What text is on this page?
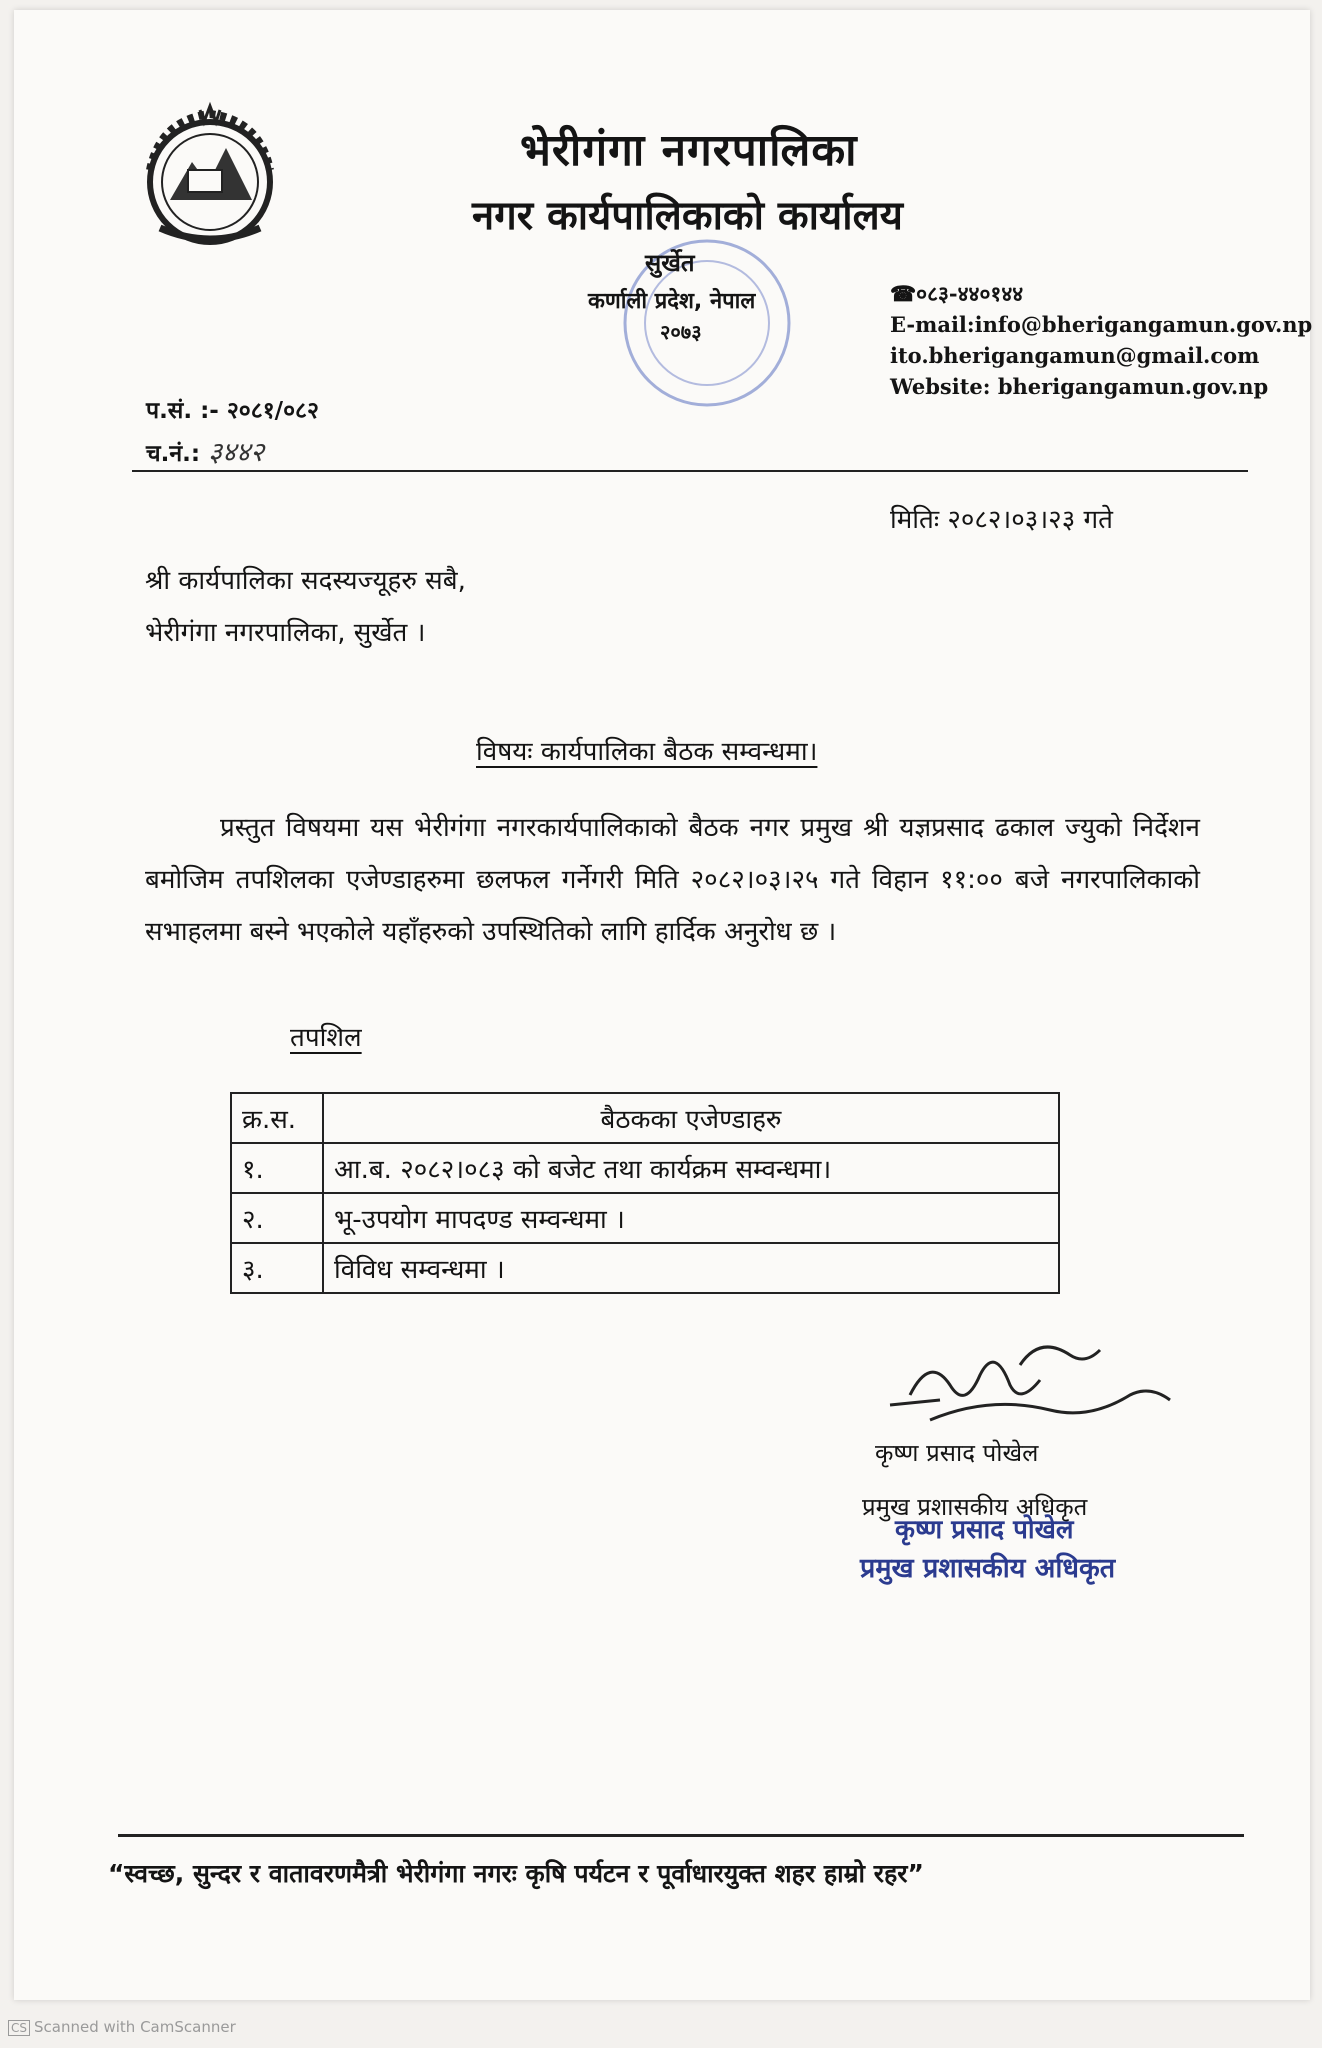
भेरीगंगा नगरपालिका
नगर कार्यपालिकाको कार्यालय
सुर्खेत
कर्णाली प्रदेश, नेपाल
२०७३
☎०८३-४४०१४४
E-mail:info@bherigangamun.gov.np
ito.bherigangamun@gmail.com
Website: bherigangamun.gov.np
प.सं. :- २०८१/०८२
च.नं.: ३४४२
मितिः २०८२।०३।२३ गते
श्री कार्यपालिका सदस्यज्यूहरु सबै,
भेरीगंगा नगरपालिका, सुर्खेत ।
विषयः कार्यपालिका बैठक सम्वन्धमा।
प्रस्तुत विषयमा यस भेरीगंगा नगरकार्यपालिकाको बैठक नगर प्रमुख श्री यज्ञप्रसाद ढकाल ज्युको निर्देशन बमोजिम तपशिलका एजेण्डाहरुमा छलफल गर्नेगरी मिति २०८२।०३।२५ गते विहान ११:०० बजे नगरपालिकाको सभाहलमा बस्ने भएकोले यहाँहरुको उपस्थितिको लागि हार्दिक अनुरोध छ ।
तपशिल
क्र.स.	बैठकका एजेण्डाहरु
१.	आ.ब. २०८२।०८३ को बजेट तथा कार्यक्रम सम्वन्धमा।
२.	भू-उपयोग मापदण्ड सम्वन्धमा ।
३.	विविध सम्वन्धमा ।
कृष्ण प्रसाद पोखेल
प्रमुख प्रशासकीय अधिकृत
कृष्ण प्रसाद पोखेल
प्रमुख प्रशासकीय अधिकृत
“स्वच्छ, सुन्दर र वातावरणमैत्री भेरीगंगा नगरः कृषि पर्यटन र पूर्वाधारयुक्त शहर हाम्रो रहर”
CS Scanned with CamScanner
